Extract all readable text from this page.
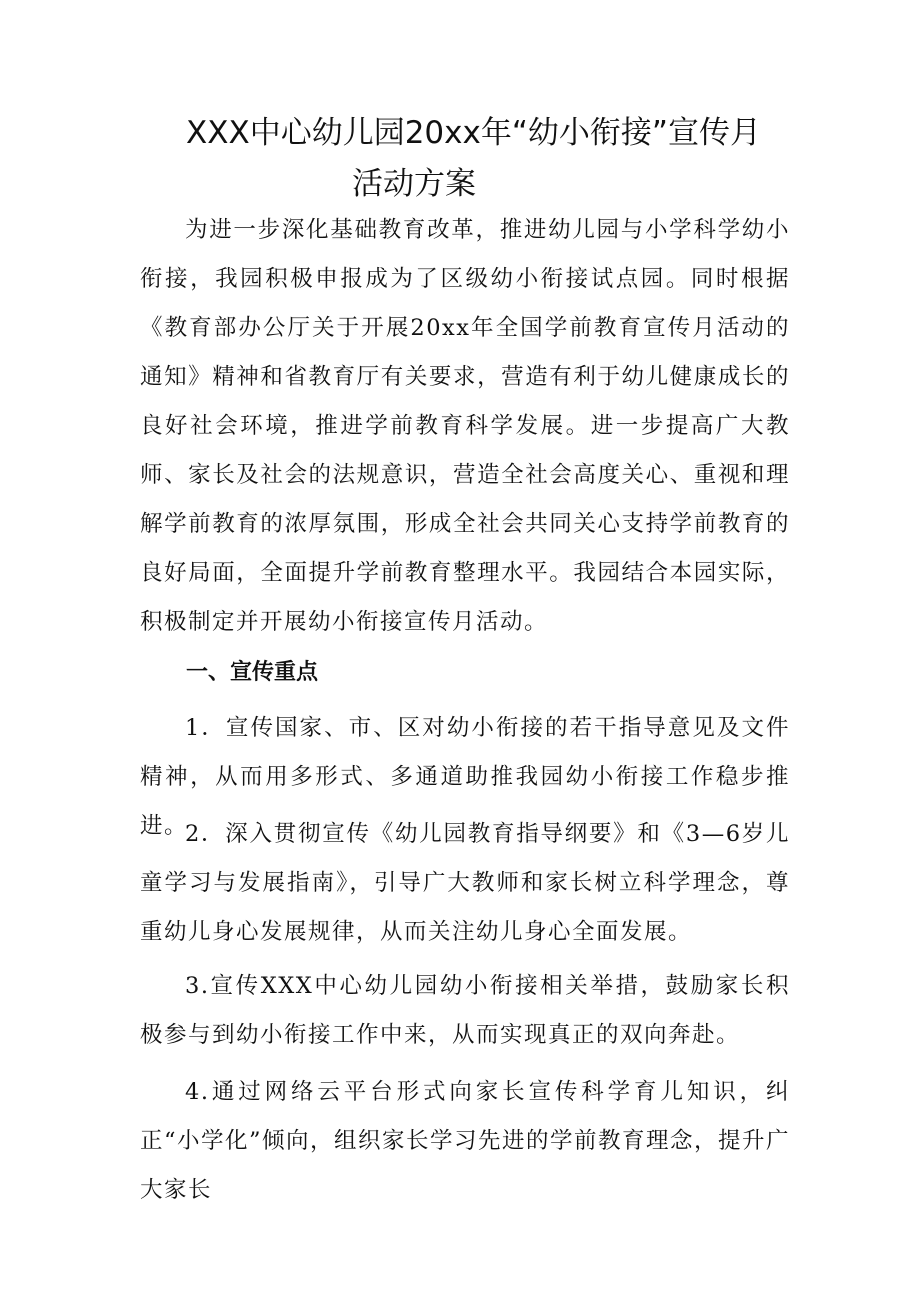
XXX中心幼儿园20xx年“幼小衔接”宣传月
活动方案

为进一步深化基础教育改革，推进幼儿园与小学科学幼小衔接，我园积极申报成为了区级幼小衔接试点园。同时根据《教育部办公厅关于开展20xx年全国学前教育宣传月活动的通知》精神和省教育厅有关要求，营造有利于幼儿健康成长的良好社会环境，推进学前教育科学发展。进一步提高广大教师、家长及社会的法规意识，营造全社会高度关心、重视和理解学前教育的浓厚氛围，形成全社会共同关心支持学前教育的良好局面，全面提升学前教育整理水平。我园结合本园实际，积极制定并开展幼小衔接宣传月活动。

一、宣传重点

1．宣传国家、市、区对幼小衔接的若干指导意见及文件精神，从而用多形式、多通道助推我园幼小衔接工作稳步推进。

2．深入贯彻宣传《幼儿园教育指导纲要》和《3—6岁儿童学习与发展指南》，引导广大教师和家长树立科学理念，尊重幼儿身心发展规律，从而关注幼儿身心全面发展。

3.宣传XXX中心幼儿园幼小衔接相关举措，鼓励家长积极参与到幼小衔接工作中来，从而实现真正的双向奔赴。

4.通过网络云平台形式向家长宣传科学育儿知识，纠正“小学化”倾向，组织家长学习先进的学前教育理念，提升广大家长
